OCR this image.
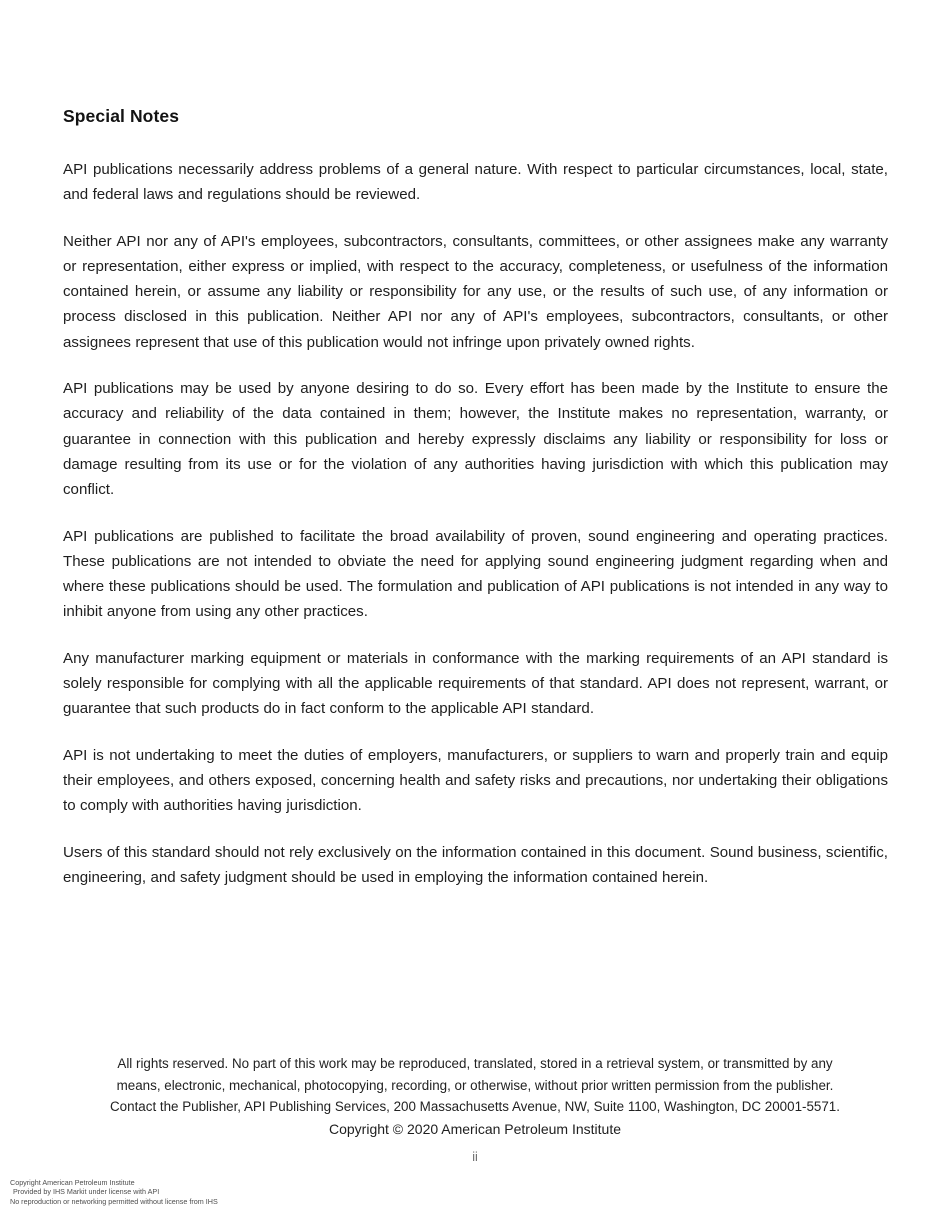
Special Notes

API publications necessarily address problems of a general nature. With respect to particular circumstances, local, state, and federal laws and regulations should be reviewed.

Neither API nor any of API's employees, subcontractors, consultants, committees, or other assignees make any warranty or representation, either express or implied, with respect to the accuracy, completeness, or usefulness of the information contained herein, or assume any liability or responsibility for any use, or the results of such use, of any information or process disclosed in this publication. Neither API nor any of API's employees, subcontractors, consultants, or other assignees represent that use of this publication would not infringe upon privately owned rights.

API publications may be used by anyone desiring to do so. Every effort has been made by the Institute to ensure the accuracy and reliability of the data contained in them; however, the Institute makes no representation, warranty, or guarantee in connection with this publication and hereby expressly disclaims any liability or responsibility for loss or damage resulting from its use or for the violation of any authorities having jurisdiction with which this publication may conflict.

API publications are published to facilitate the broad availability of proven, sound engineering and operating practices. These publications are not intended to obviate the need for applying sound engineering judgment regarding when and where these publications should be used. The formulation and publication of API publications is not intended in any way to inhibit anyone from using any other practices.

Any manufacturer marking equipment or materials in conformance with the marking requirements of an API standard is solely responsible for complying with all the applicable requirements of that standard. API does not represent, warrant, or guarantee that such products do in fact conform to the applicable API standard.

API is not undertaking to meet the duties of employers, manufacturers, or suppliers to warn and properly train and equip their employees, and others exposed, concerning health and safety risks and precautions, nor undertaking their obligations to comply with authorities having jurisdiction.

Users of this standard should not rely exclusively on the information contained in this document. Sound business, scientific, engineering, and safety judgment should be used in employing the information contained herein.

All rights reserved. No part of this work may be reproduced, translated, stored in a retrieval system, or transmitted by any

means, electronic, mechanical, photocopying, recording, or otherwise, without prior written permission from the publisher.

Contact the Publisher, API Publishing Services, 200 Massachusetts Avenue, NW, Suite 1100, Washington, DC 20001-5571.

Copyright © 2020 American Petroleum Institute
ii

Copyright American Petroleum Institute

Provided by IHS Markit under license with API

No reproduction or networking permitted without license from IHS
